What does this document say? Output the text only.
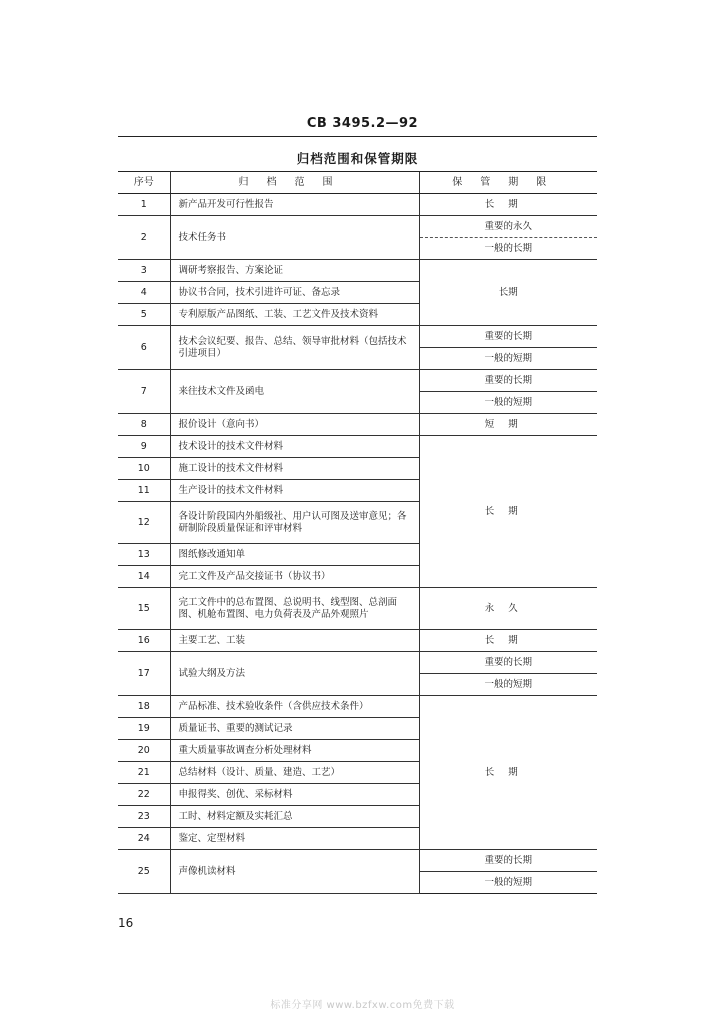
CB 3495.2—92
归档范围和保管期限
序号	归档范围	保管期限
1	新产品开发可行性报告	长期
2	技术任务书	重要的永久
		一般的长期
3	调研考察报告、方案论证	长期
4	协议书合同，技术引进许可证、备忘录	
5	专利原版产品图纸、工装、工艺文件及技术资料	
6	技术会议纪要、报告、总结、领导审批材料（包括技术引进项目）	重要的长期
		一般的短期
7	来往技术文件及函电	重要的长期
		一般的短期
8	报价设计（意向书）	短期
9	技术设计的技术文件材料	长期
10	施工设计的技术文件材料	
11	生产设计的技术文件材料	
12	各设计阶段国内外船级社、用户认可图及送审意见；各研制阶段质量保证和评审材料	
13	图纸修改通知单	
14	完工文件及产品交接证书（协议书）	
15	完工文件中的总布置图、总说明书、线型图、总剖面图、机舱布置图、电力负荷表及产品外观照片	永久
16	主要工艺、工装	长期
17	试验大纲及方法	重要的长期
		一般的短期
18	产品标准、技术验收条件（含供应技术条件）	长期
19	质量证书、重要的测试记录	
20	重大质量事故调查分析处理材料	
21	总结材料（设计、质量、建造、工艺）	
22	申报得奖、创优、采标材料	
23	工时、材料定额及实耗汇总	
24	鉴定、定型材料	
25	声像机读材料	重要的长期
		一般的短期
16
标准分享网 www.bzfxw.com免费下载
